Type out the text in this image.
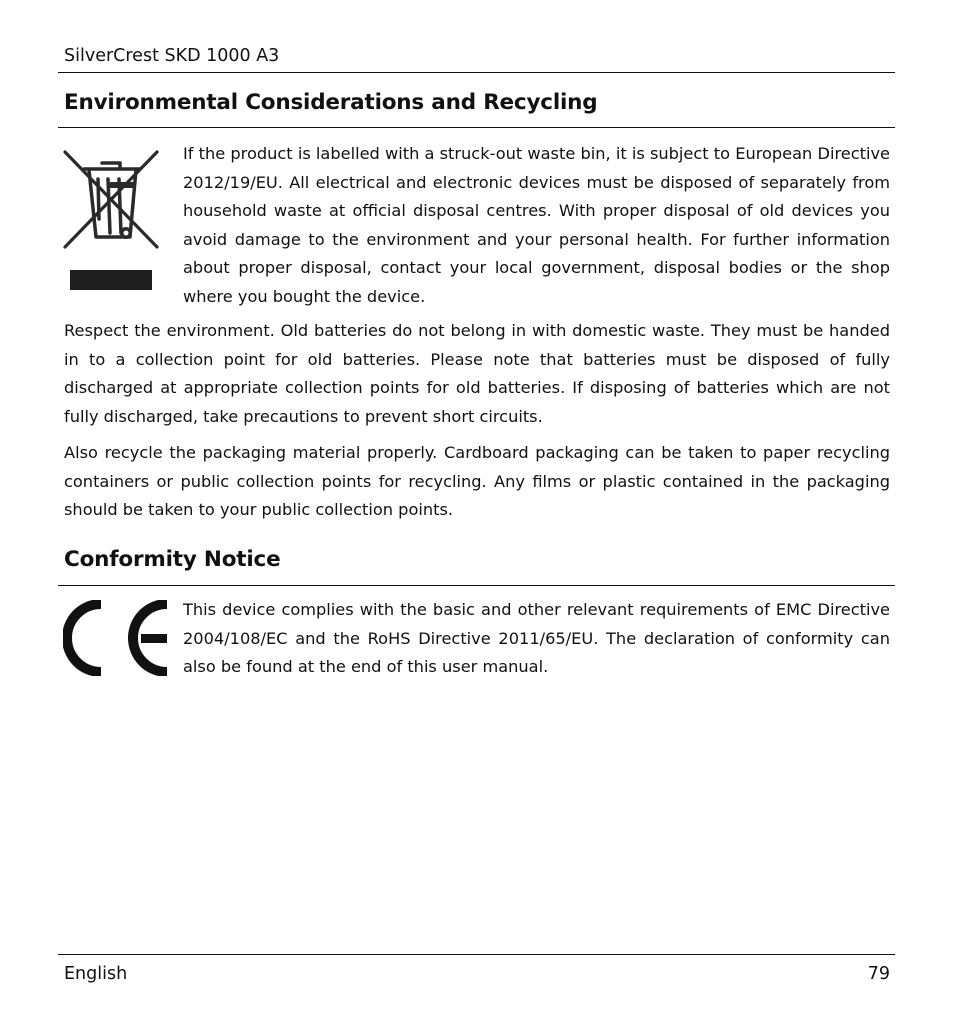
SilverCrest SKD 1000 A3
Environmental Considerations and Recycling

If the product is labelled with a struck-out waste bin, it is subject to European Directive 2012/19/EU. All electrical and electronic devices must be disposed of separately from household waste at official disposal centres. With proper disposal of old devices you avoid damage to the environment and your personal health. For further information about proper disposal, contact your local government, disposal bodies or the shop where you bought the device.

Respect the environment. Old batteries do not belong in with domestic waste. They must be handed in to a collection point for old batteries. Please note that batteries must be disposed of fully discharged at appropriate collection points for old batteries. If disposing of batteries which are not fully discharged, take precautions to prevent short circuits.

Also recycle the packaging material properly. Cardboard packaging can be taken to paper recycling containers or public collection points for recycling. Any films or plastic contained in the packaging should be taken to your public collection points.

Conformity Notice

This device complies with the basic and other relevant requirements of EMC Directive 2004/108/EC and the RoHS Directive 2011/65/EU. The declaration of conformity can also be found at the end of this user manual.

English	79
